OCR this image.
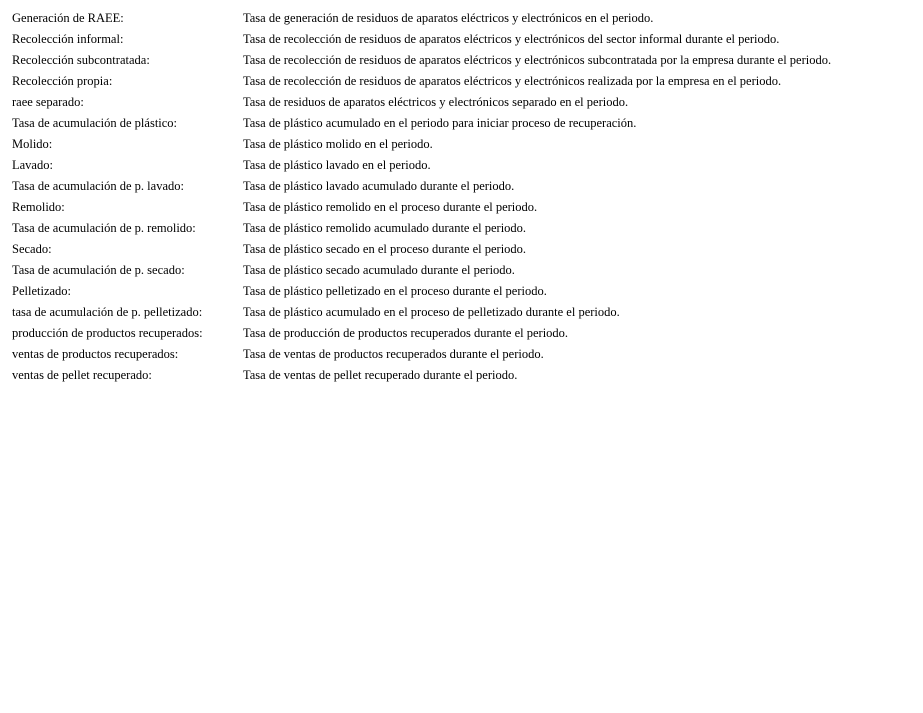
Generación de RAEE:	Tasa de generación de residuos de aparatos eléctricos y electrónicos en el periodo.
Recolección informal:	Tasa de recolección de residuos de aparatos eléctricos y electrónicos del sector informal durante el periodo.
Recolección subcontratada:	Tasa de recolección de residuos de aparatos eléctricos y electrónicos subcontratada por la empresa durante el periodo.
Recolección propia:	Tasa de recolección de residuos de aparatos eléctricos y electrónicos realizada por la empresa en el periodo.
raee separado:	Tasa de residuos de aparatos eléctricos y electrónicos separado en el periodo.
Tasa de acumulación de plástico:	Tasa de plástico acumulado en el periodo para iniciar proceso de recuperación.
Molido:	Tasa de plástico molido en el periodo.
Lavado:	Tasa de plástico lavado en el periodo.
Tasa de acumulación de p. lavado:	Tasa de plástico lavado acumulado durante el periodo.
Remolido:	Tasa de plástico remolido en el proceso durante el periodo.
Tasa de acumulación de p. remolido:	Tasa de plástico remolido acumulado durante el periodo.
Secado:	Tasa de plástico secado en el proceso durante el periodo.
Tasa de acumulación de p. secado:	Tasa de plástico secado acumulado durante el periodo.
Pelletizado:	Tasa de plástico pelletizado en el proceso durante el periodo.
tasa de acumulación de p. pelletizado:	Tasa de plástico acumulado en el proceso de pelletizado durante el periodo.
producción de productos recuperados:	Tasa de producción de productos recuperados durante el periodo.
ventas de productos recuperados:	Tasa de ventas de productos recuperados durante el periodo.
ventas de pellet recuperado:	Tasa de ventas de pellet recuperado durante el periodo.
